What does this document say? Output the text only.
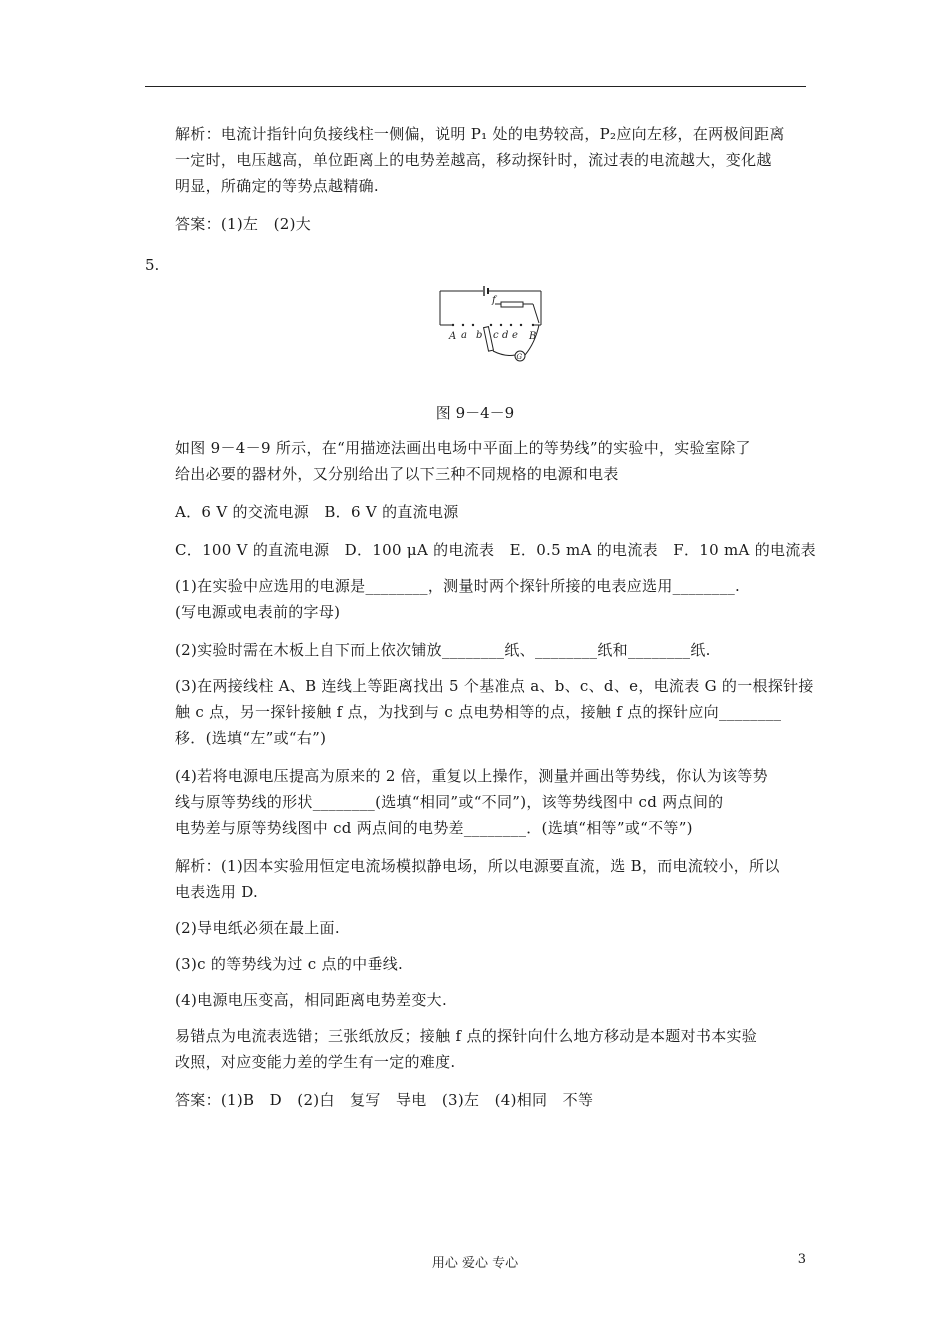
解析：电流计指针向负接线柱一侧偏，说明 P₁ 处的电势较高，P₂应向左移，在两极间距离
一定时，电压越高，单位距离上的电势差越高，移动探针时，流过表的电流越大，变化越
明显，所确定的等势点越精确.
答案：(1)左　(2)大
5.
f
A a b c d e B
G
图 9－4－9
如图 9－4－9 所示，在“用描迹法画出电场中平面上的等势线”的实验中，实验室除了
给出必要的器材外，又分别给出了以下三种不同规格的电源和电表
A．6 V 的交流电源　B．6 V 的直流电源
C．100 V 的直流电源　D．100 μA 的电流表　E．0.5 mA 的电流表　F．10 mA 的电流表
(1)在实验中应选用的电源是________，测量时两个探针所接的电表应选用________.
(写电源或电表前的字母)
(2)实验时需在木板上自下而上依次铺放________纸、________纸和________纸.
(3)在两接线柱 A、B 连线上等距离找出 5 个基准点 a、b、c、d、e，电流表 G 的一根探针接
触 c 点，另一探针接触 f 点，为找到与 c 点电势相等的点，接触 f 点的探针应向________
移．(选填“左”或“右”)
(4)若将电源电压提高为原来的 2 倍，重复以上操作，测量并画出等势线，你认为该等势
线与原等势线的形状________(选填“相同”或“不同”)，该等势线图中 cd 两点间的
电势差与原等势线图中 cd 两点间的电势差________．(选填“相等”或“不等”)
解析：(1)因本实验用恒定电流场模拟静电场，所以电源要直流，选 B，而电流较小，所以
电表选用 D.
(2)导电纸必须在最上面.
(3)c 的等势线为过 c 点的中垂线.
(4)电源电压变高，相同距离电势差变大.
易错点为电流表选错；三张纸放反；接触 f 点的探针向什么地方移动是本题对书本实验
改照，对应变能力差的学生有一定的难度.
答案：(1)B　D　(2)白　复写　导电　(3)左　(4)相同　不等
用心 爱心 专心	3
